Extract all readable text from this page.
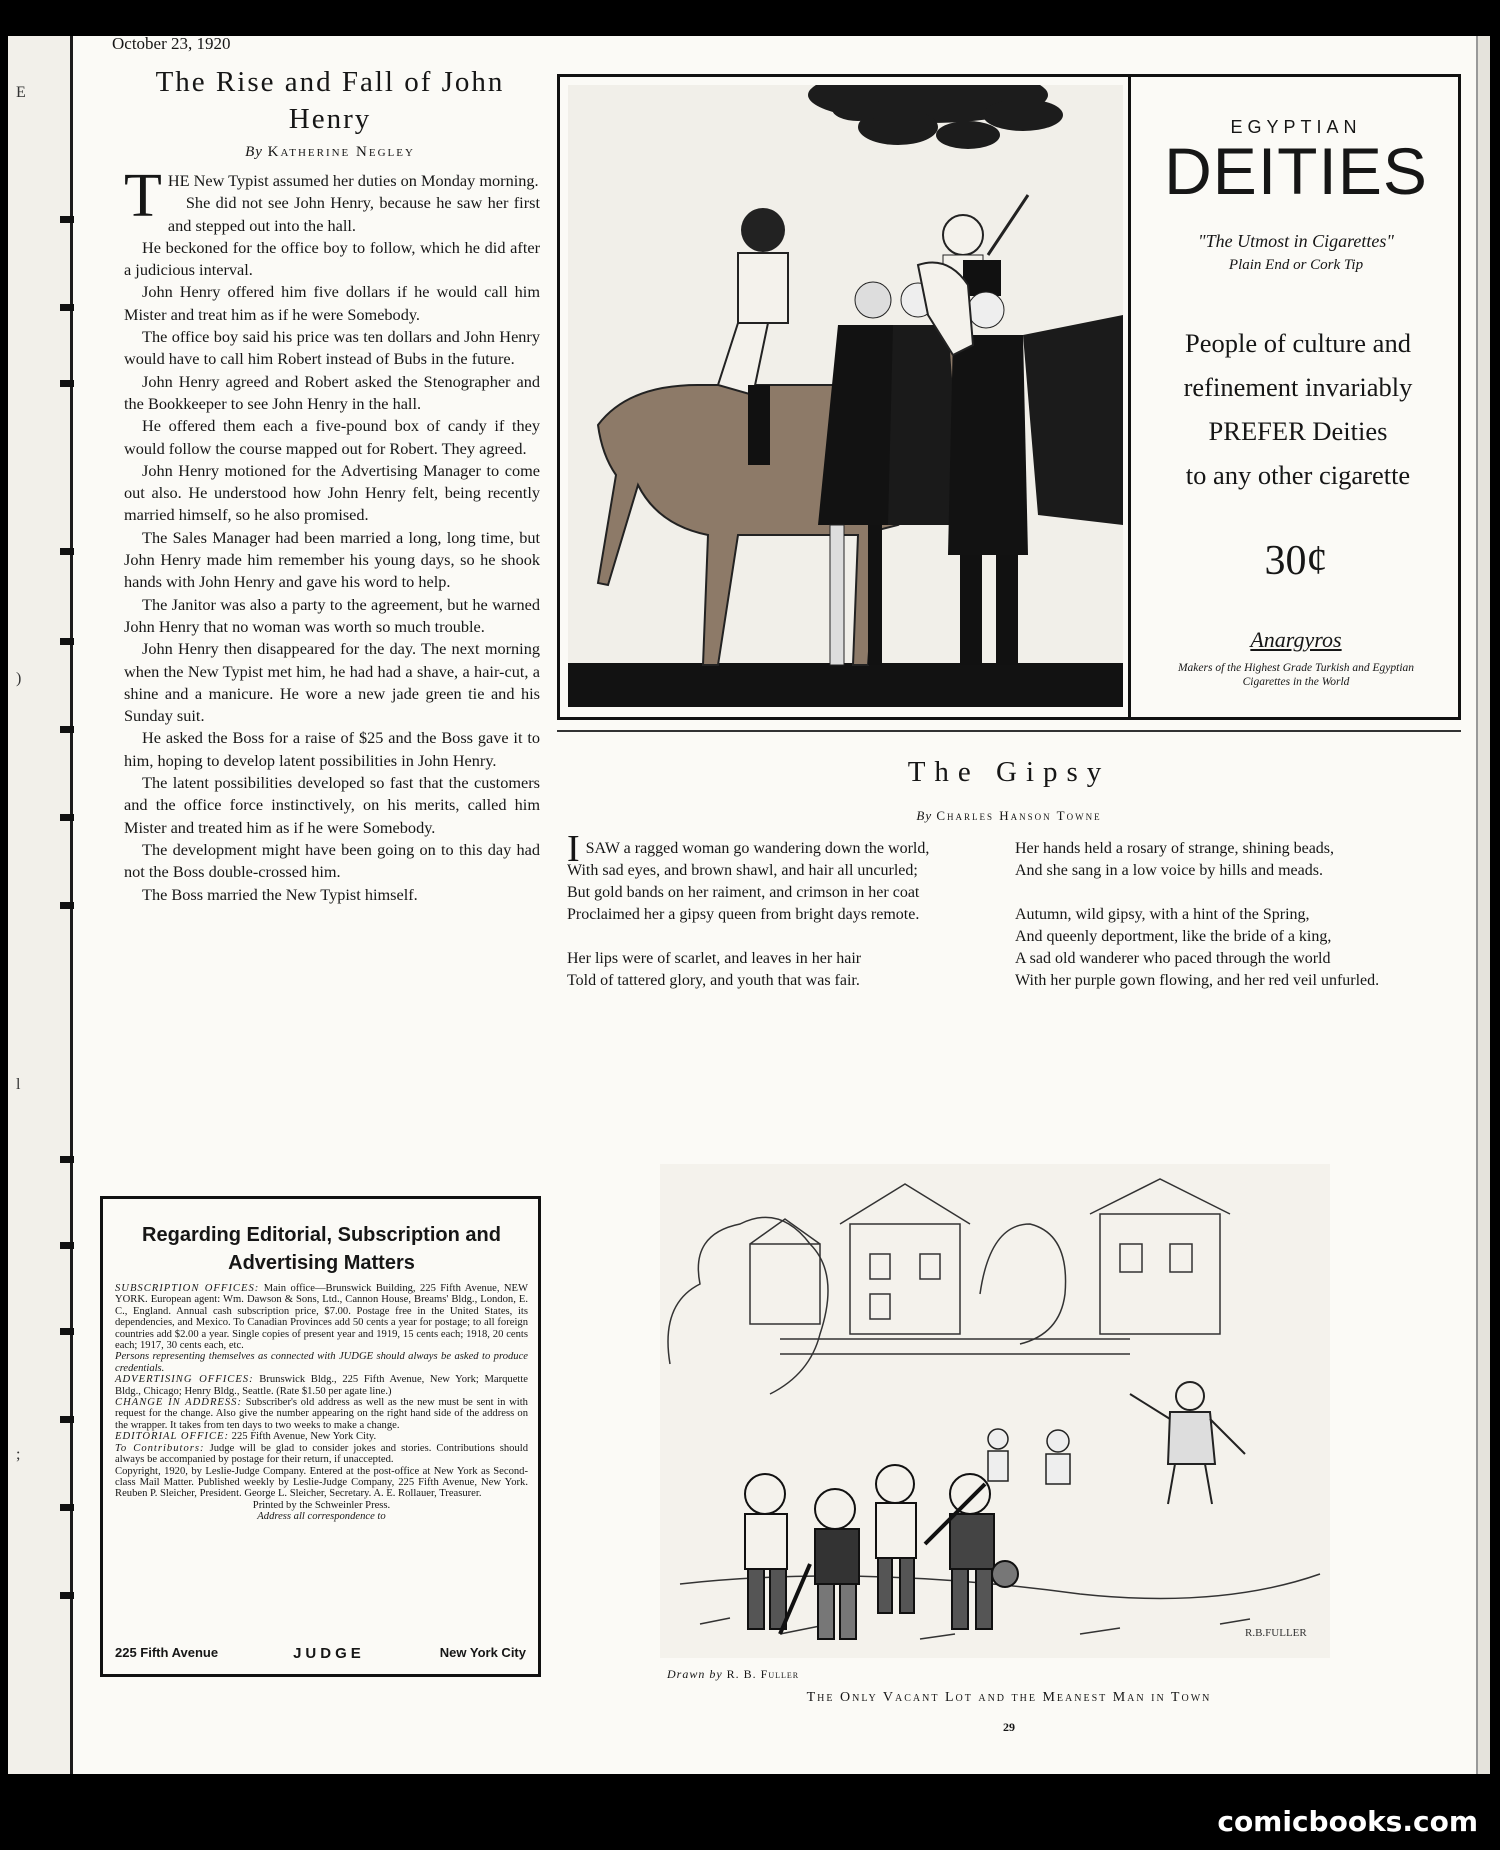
E
)
l
;
October 23, 1920
The Rise and Fall of John Henry
By Katherine Negley

THE New Typist assumed her duties on Monday morning.

She did not see John Henry, because he saw her first and stepped out into the hall.

He beckoned for the office boy to follow, which he did after a judicious interval.

John Henry offered him five dollars if he would call him Mister and treat him as if he were Somebody.

The office boy said his price was ten dollars and John Henry would have to call him Robert instead of Bubs in the future.

John Henry agreed and Robert asked the Stenographer and the Bookkeeper to see John Henry in the hall.

He offered them each a five-pound box of candy if they would follow the course mapped out for Robert. They agreed.

John Henry motioned for the Advertising Manager to come out also. He understood how John Henry felt, being recently married himself, so he also promised.

The Sales Manager had been married a long, long time, but John Henry made him remember his young days, so he shook hands with John Henry and gave his word to help.

The Janitor was also a party to the agreement, but he warned John Henry that no woman was worth so much trouble.

John Henry then disappeared for the day. The next morning when the New Typist met him, he had had a shave, a hair-cut, a shine and a manicure. He wore a new jade green tie and his Sunday suit.

He asked the Boss for a raise of $25 and the Boss gave it to him, hoping to develop latent possibilities in John Henry.

The latent possibilities developed so fast that the customers and the office force instinctively, on his merits, called him Mister and treated him as if he were Somebody.

The development might have been going on to this day had not the Boss double-crossed him.

The Boss married the New Typist himself.

Regarding Editorial, Subscription and Advertising Matters
SUBSCRIPTION OFFICES: Main office—Brunswick Building, 225 Fifth Avenue, NEW YORK. European agent: Wm. Dawson & Sons, Ltd., Cannon House, Breams' Bldg., London, E. C., England. Annual cash subscription price, $7.00. Postage free in the United States, its dependencies, and Mexico. To Canadian Provinces add 50 cents a year for postage; to all foreign countries add $2.00 a year. Single copies of present year and 1919, 15 cents each; 1918, 20 cents each; 1917, 30 cents each, etc.
Persons representing themselves as connected with JUDGE should always be asked to produce credentials.
ADVERTISING OFFICES: Brunswick Bldg., 225 Fifth Avenue, New York; Marquette Bldg., Chicago; Henry Bldg., Seattle. (Rate $1.50 per agate line.)
CHANGE IN ADDRESS: Subscriber's old address as well as the new must be sent in with request for the change. Also give the number appearing on the right hand side of the address on the wrapper. It takes from ten days to two weeks to make a change.
EDITORIAL OFFICE: 225 Fifth Avenue, New York City.
To Contributors: Judge will be glad to consider jokes and stories. Contributions should always be accompanied by postage for their return, if unaccepted.
Copyright, 1920, by Leslie-Judge Company. Entered at the post-office at New York as Second-class Mail Matter. Published weekly by Leslie-Judge Company, 225 Fifth Avenue, New York. Reuben P. Sleicher, President. George L. Sleicher, Secretary. A. E. Rollauer, Treasurer.
Printed by the Schweinler Press.
Address all correspondence to
225 Fifth Avenue	JUDGE	New York City
EGYPTIAN
DEITIES
"The Utmost in Cigarettes"
Plain End or Cork Tip
People of culture and
refinement invariably
PREFER Deities
to any other cigarette
30¢
Anargyros
Makers of the Highest Grade Turkish and Egyptian Cigarettes in the World
The Gipsy
By Charles Hanson Towne
ISAW a ragged woman go wandering down the world,
With sad eyes, and brown shawl, and hair all uncurled;
But gold bands on her raiment, and crimson in her coat
Proclaimed her a gipsy queen from bright days remote.
Her lips were of scarlet, and leaves in her hair
Told of tattered glory, and youth that was fair.
Her hands held a rosary of strange, shining beads,
And she sang in a low voice by hills and meads.
Autumn, wild gipsy, with a hint of the Spring,
And queenly deportment, like the bride of a king,
A sad old wanderer who paced through the world
With her purple gown flowing, and her red veil unfurled.
R.B.FULLER
Drawn by R. B. Fuller
The Only Vacant Lot and the Meanest Man in Town
29
comicbooks.com
